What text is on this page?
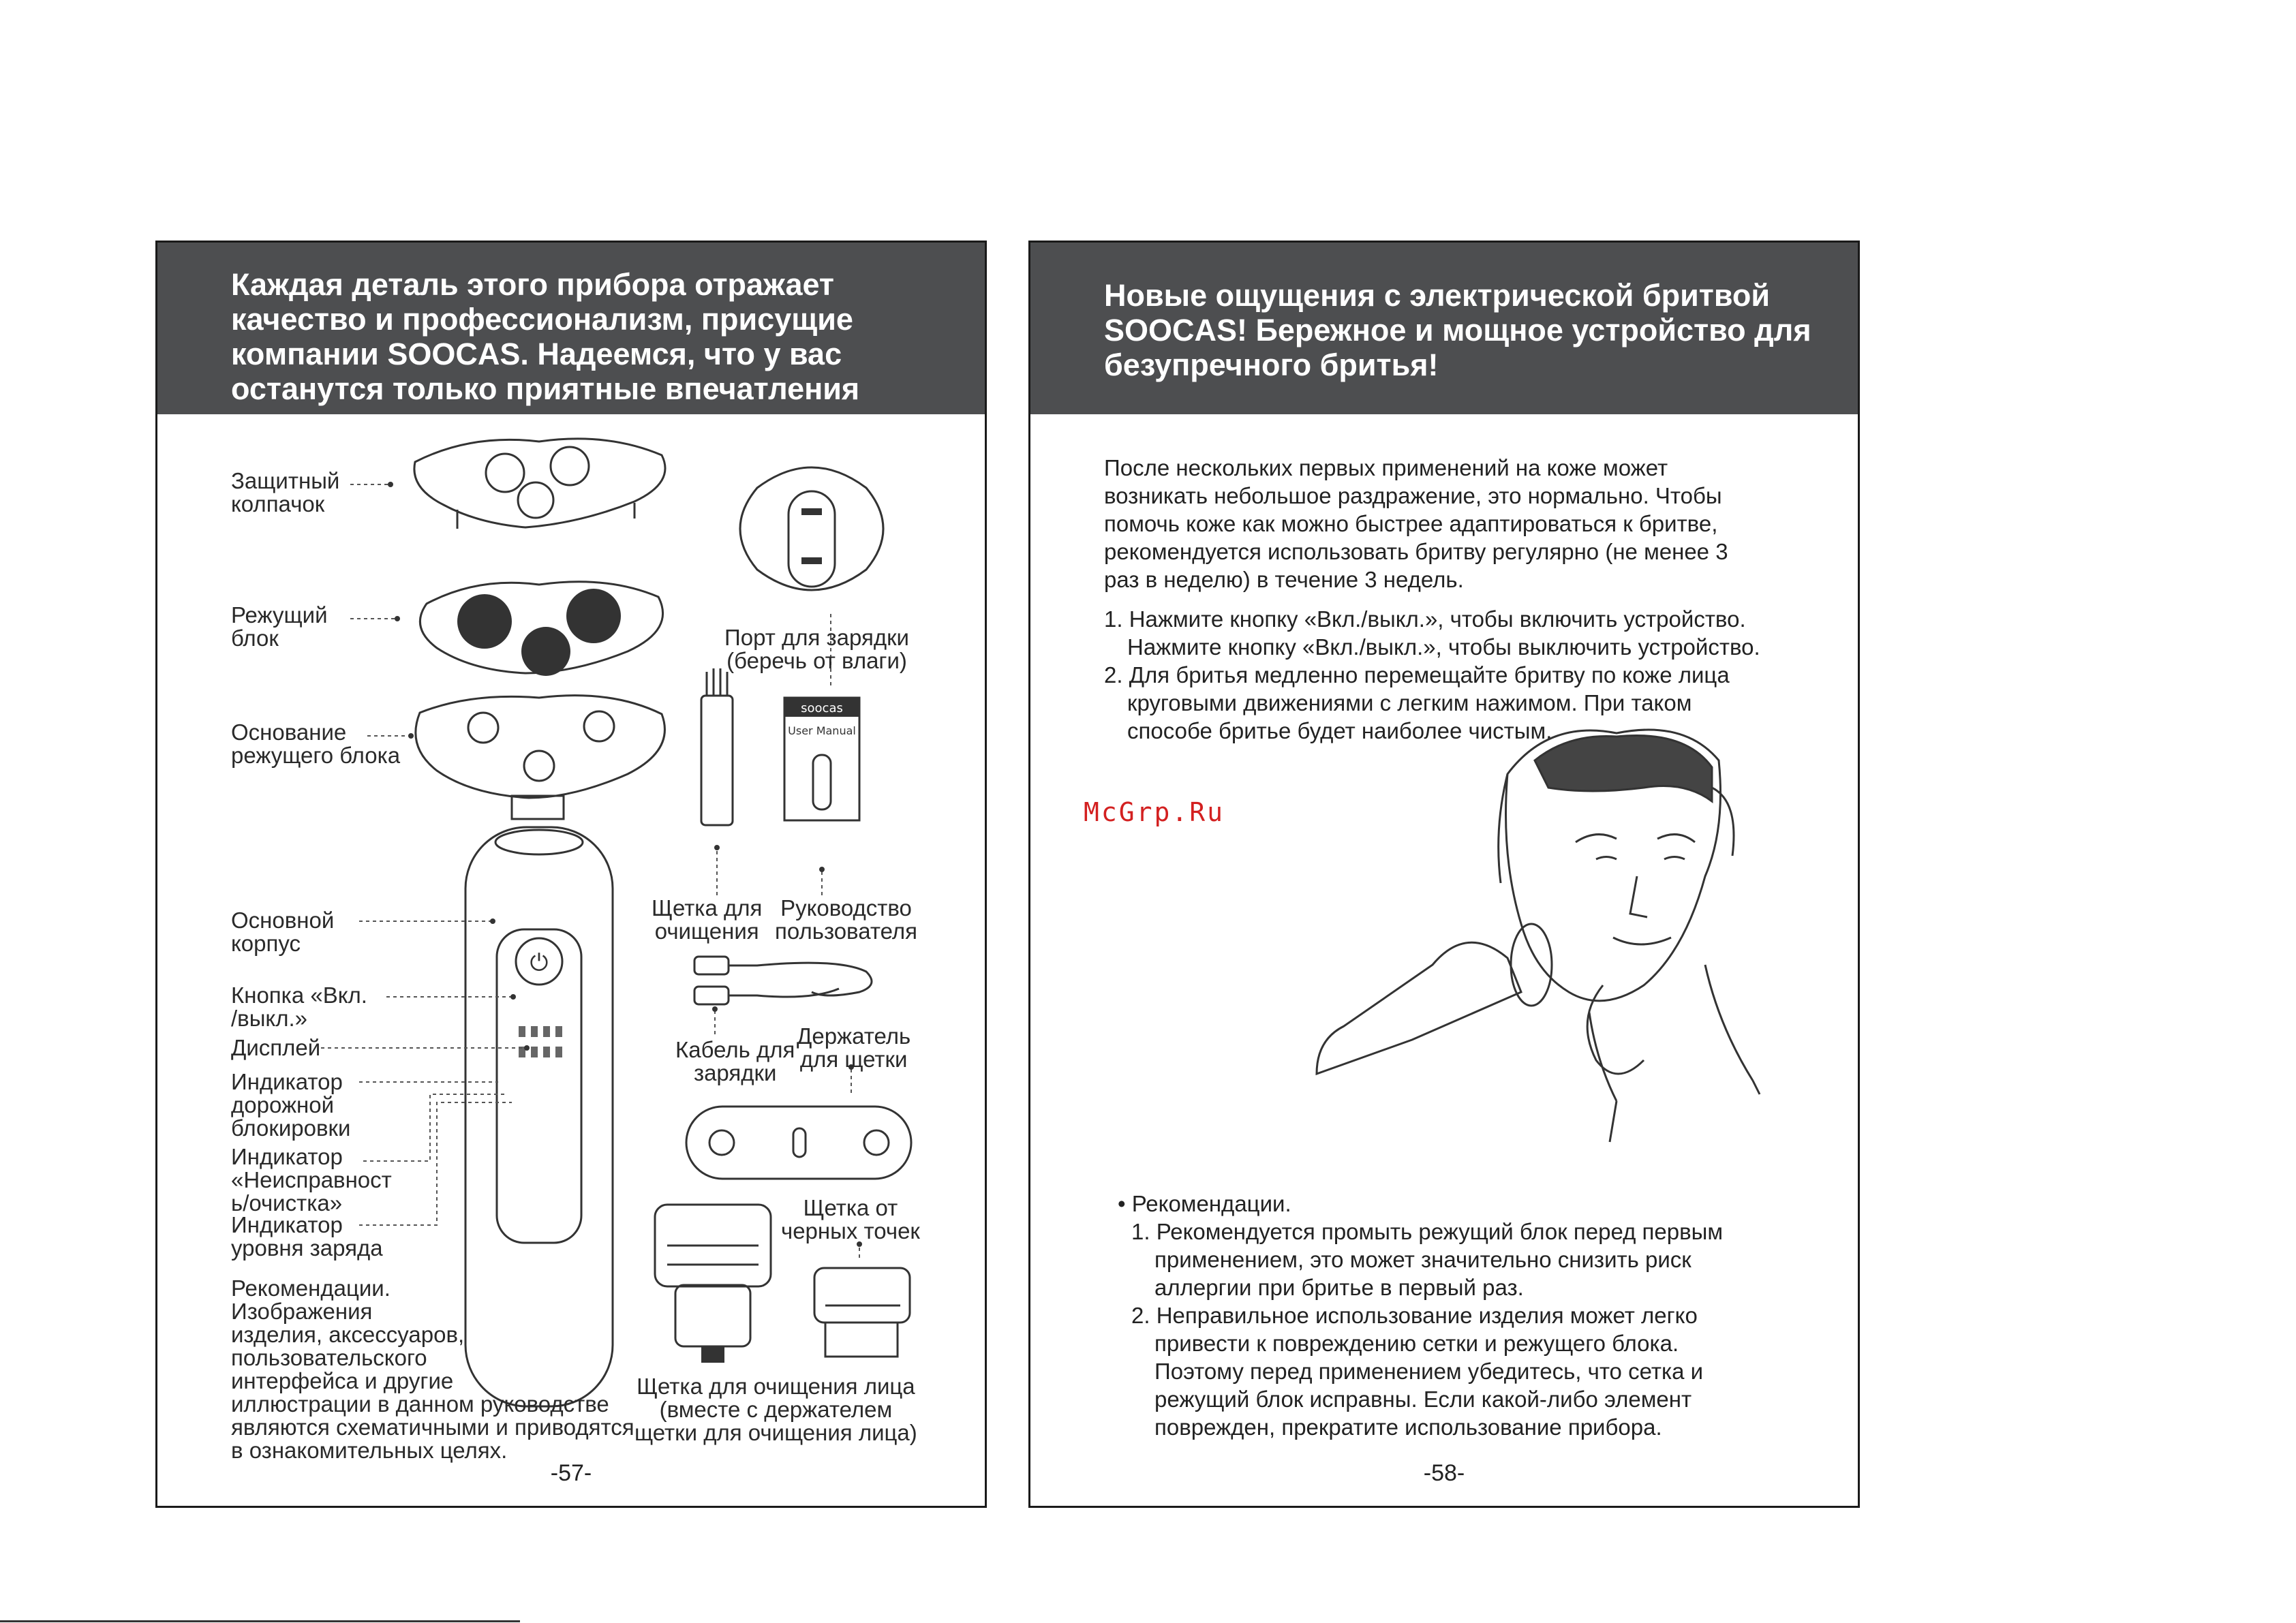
Каждая деталь этого прибора отражает
качество и профессионализм, присущие
компании SOOCAS. Надеемся, что у вас
останутся только приятные впечатления
⏻
soocas
User Manual
Защитный
колпачок
Режущий
блок
Основание
режущего блока
Основной
корпус
Кнопка «Вкл.
/выкл.»
Дисплей
Индикатор
дорожной
блокировки
Индикатор
«Неисправност
ь/очистка»
Индикатор
уровня заряда
Рекомендации.
Изображения
изделия, аксессуаров,
пользовательского
интерфейса и другие
иллюстрации в данном руководстве
являются схематичными и приводятся
в ознакомительных целях.
Порт для зарядки
(беречь от влаги)
Щетка для
очищения
Руководство
пользователя
Кабель для
зарядки
Держатель
для щетки
Щетка от
черных точек
Щетка для очищения лица
(вместе с держателем
щетки для очищения лица)
-57-
Новые ощущения с электрической бритвой
SOOCAS! Бережное и мощное устройство для
безупречного бритья!
После нескольких первых применений на коже может
возникать небольшое раздражение, это нормально. Чтобы
помочь коже как можно быстрее адаптироваться к бритве,
рекомендуется использовать бритву регулярно (не менее 3
раз в неделю) в течение 3 недель.
1. Нажмите кнопку «Вкл./выкл.», чтобы включить устройство.
Нажмите кнопку «Вкл./выкл.», чтобы выключить устройство.
2. Для бритья медленно перемещайте бритву по коже лица
круговыми движениями с легким нажимом. При таком
способе бритье будет наиболее чистым.
• Рекомендации.
1. Рекомендуется промыть режущий блок перед первым
применением, это может значительно снизить риск
аллергии при бритье в первый раз.
2. Неправильное использование изделия может легко
привести к повреждению сетки и режущего блока.
Поэтому перед применением убедитесь, что сетка и
режущий блок исправны. Если какой-либо элемент
поврежден, прекратите использование прибора.
-58-
McGrp.Ru
